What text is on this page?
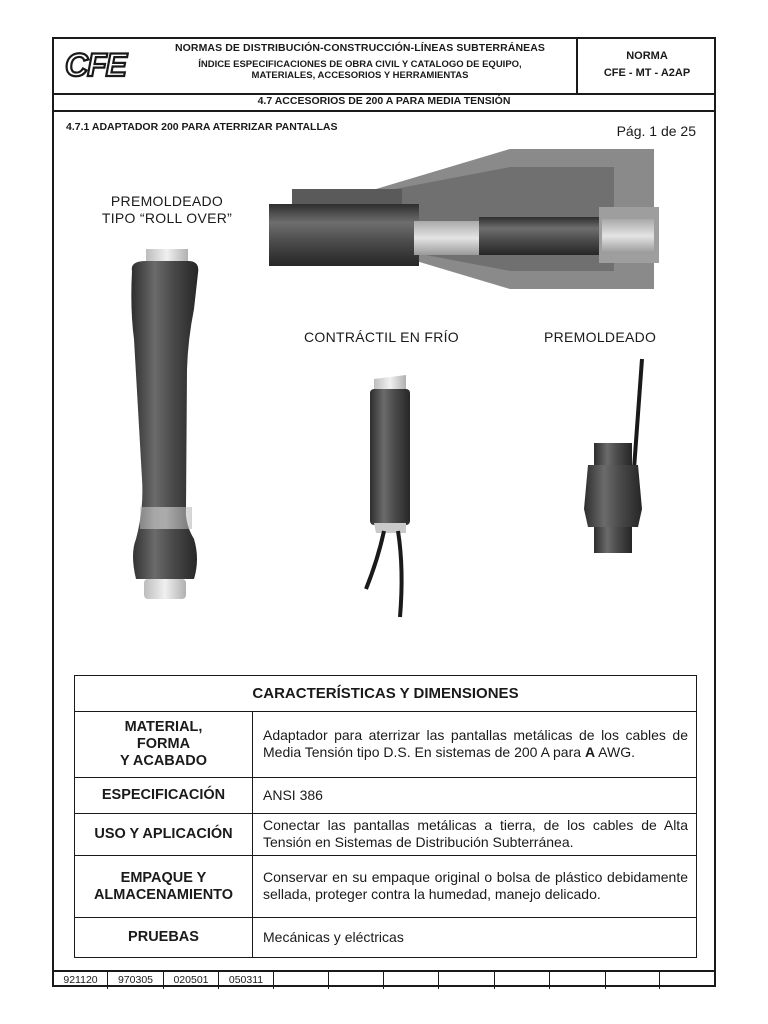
CFE	NORMAS DE DISTRIBUCIÓN-CONSTRUCCIÓN-LÍNEAS SUBTERRÁNEAS
ÍNDICE ESPECIFICACIONES DE OBRA CIVIL Y CATALOGO DE EQUIPO,
MATERIALES, ACCESORIOS Y HERRAMIENTAS
NORMA
CFE - MT - A2AP
4.7 ACCESORIOS DE 200 A PARA MEDIA TENSIÓN
4.7.1 ADAPTADOR 200 PARA ATERRIZAR PANTALLAS	Pág. 1 de 25
PREMOLDEADO
TIPO “ROLL OVER”
CONTRÁCTIL EN FRÍO	PREMOLDEADO
CARACTERÍSTICAS Y DIMENSIONES	

MATERIAL,
FORMA
Y ACABADO	Adaptador para aterrizar las pantallas metálicas de los cables de Media Tensión tipo D.S. En sistemas de 200 A para A AWG.
ESPECIFICACIÓN	ANSI 386
USO Y APLICACIÓN	Conectar las pantallas metálicas a tierra, de los cables de Alta Tensión en Sistemas de Distribución Subterránea.

EMPAQUE Y
ALMACENAMIENTO	Conservar en su empaque original o bolsa de plástico debidamente sellada, proteger contra la humedad, manejo delicado.
PRUEBAS	Mecánicas y eléctricas
921120	970305	020501	050311
